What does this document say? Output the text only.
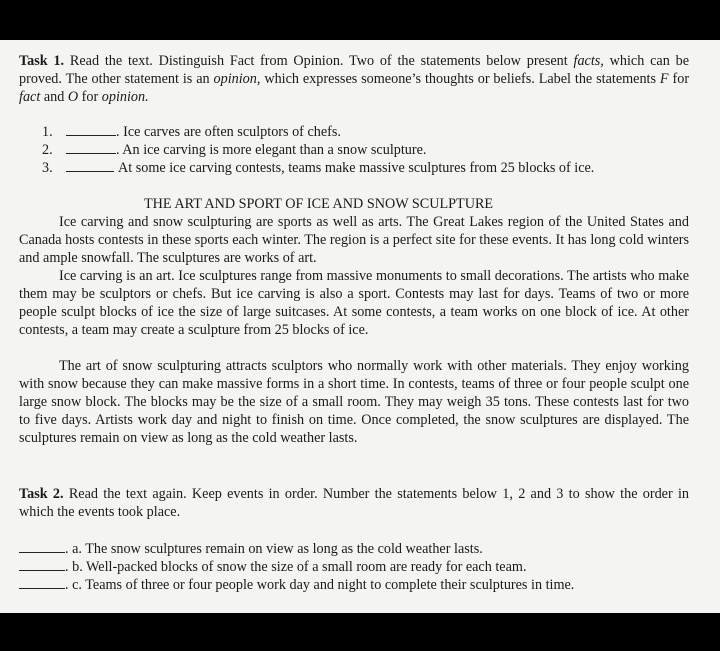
Task 1. Read the text. Distinguish Fact from Opinion. Two of the statements below present facts, which can be proved. The other statement is an opinion, which expresses someone’s thoughts or beliefs. Label the statements F for fact and O for opinion.
1.	. Ice carves are often sculptors of chefs.
2.	. An ice carving is more elegant than a snow sculpture.
3.	At some ice carving contests, teams make massive sculptures from 25 blocks of ice.
THE ART AND SPORT OF ICE AND SNOW SCULPTURE
Ice carving and snow sculpturing are sports as well as arts. The Great Lakes region of the United States and Canada hosts contests in these sports each winter. The region is a perfect site for these events. It has long cold winters and ample snowfall. The sculptures are works of art.
Ice carving is an art. Ice sculptures range from massive monuments to small decorations. The artists who make them may be sculptors or chefs. But ice carving is also a sport. Contests may last for days. Teams of two or more people sculpt blocks of ice the size of large suitcases. At some contests, a team works on one block of ice. At other contests, a team may create a sculpture from 25 blocks of ice.
The art of snow sculpturing attracts sculptors who normally work with other materials. They enjoy working with snow because they can make massive forms in a short time. In contests, teams of three or four people sculpt one large snow block. The blocks may be the size of a small room. They may weigh 35 tons. These contests last for two to five days. Artists work day and night to finish on time. Once completed, the snow sculptures are displayed. The sculptures remain on view as long as the cold weather lasts.
Task 2. Read the text again. Keep events in order. Number the statements below 1, 2 and 3 to show the order in which the events took place.
. a. The snow sculptures remain on view as long as the cold weather lasts.
. b. Well-packed blocks of snow the size of a small room are ready for each team.
. c. Teams of three or four people work day and night to complete their sculptures in time.
